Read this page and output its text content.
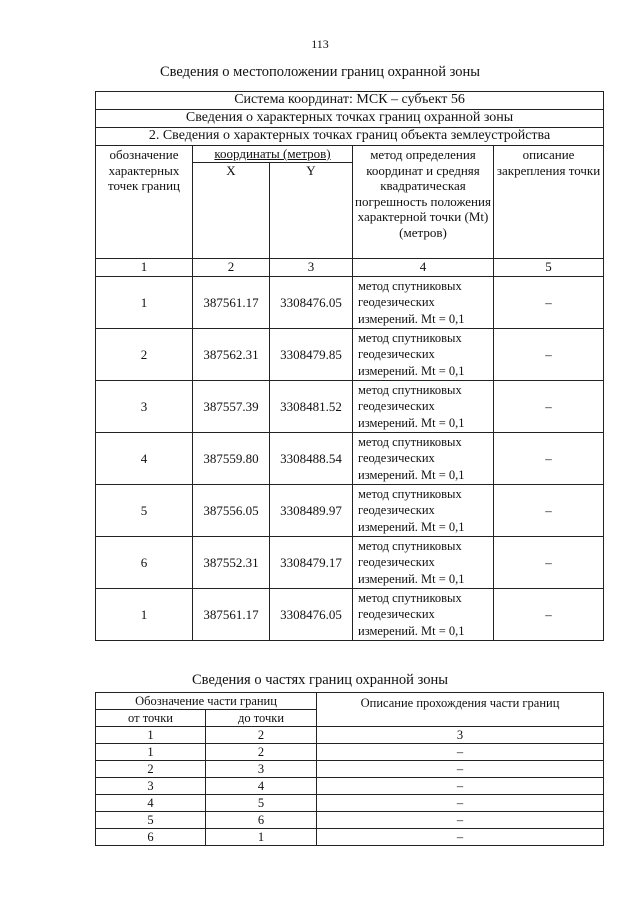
113
Сведения о местоположении границ охранной зоны
Система координат: МСК – субъект 56				
Сведения о характерных точках границ охранной зоны				
2. Сведения о характерных точках границ объекта землеустройства				
обозначение характерных точек границ	координаты (метров)		метод определения координат и средняя квадратическая погрешность положения характерной точки (Mt) (метров)	описание закрепления точки
	X	Y		
1	2	3	4	5
1	387561.17	3308476.05	метод спутниковых геодезических измерений. Mt = 0,1	–
2	387562.31	3308479.85	метод спутниковых геодезических измерений. Mt = 0,1	–
3	387557.39	3308481.52	метод спутниковых геодезических измерений. Mt = 0,1	–
4	387559.80	3308488.54	метод спутниковых геодезических измерений. Mt = 0,1	–
5	387556.05	3308489.97	метод спутниковых геодезических измерений. Mt = 0,1	–
6	387552.31	3308479.17	метод спутниковых геодезических измерений. Mt = 0,1	–
1	387561.17	3308476.05	метод спутниковых геодезических измерений. Mt = 0,1	–
Сведения о частях границ охранной зоны
Обозначение части границ		Описание прохождения части границ
от точки	до точки	
1	2	3
1	2	–
2	3	–
3	4	–
4	5	–
5	6	–
6	1	–
